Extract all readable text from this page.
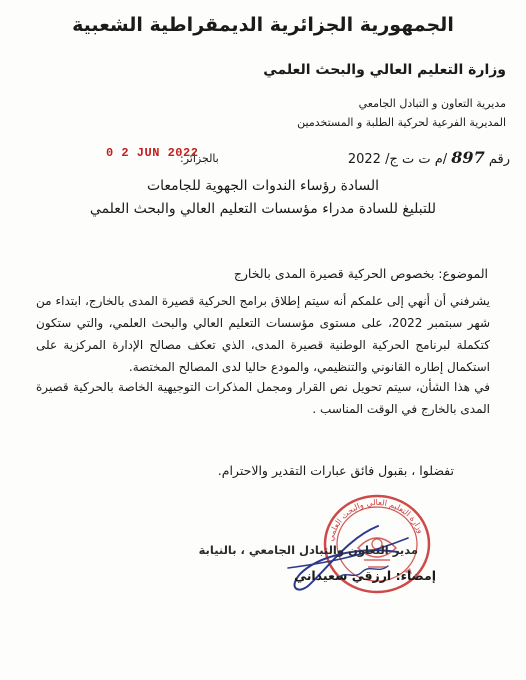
الجمهورية الجزائرية الديمقراطية الشعبية
وزارة التعليم العالي والبحث العلمي
مديرية التعاون و التبادل الجامعي
المديرية الفرعية لحركية الطلبة و المستخدمين
رقم 897 /م ت ت ج/ 2022
بالجزائر:
0 2 JUN 2022
السادة رؤساء الندوات الجهوية للجامعات
للتبليغ للسادة مدراء مؤسسات التعليم العالي والبحث العلمي
الموضوع: بخصوص الحركية قصيرة المدى بالخارج
يشرفني أن أنهي إلى علمكم أنه سيتم إطلاق برامج الحركية قصيرة المدى بالخارج، ابتداء من شهر سبتمبر 2022، على مستوى مؤسسات التعليم العالي والبحث العلمي، والتي ستكون كتكملة لبرنامج الحركية الوطنية قصيرة المدى، الذي تعكف مصالح الإدارة المركزية على استكمال إطاره القانوني والتنظيمي، والمودع حاليا لدى المصالح المختصة.
في هذا الشأن، سيتم تحويل نص القرار ومجمل المذكرات التوجيهية الخاصة بالحركية قصيرة المدى بالخارج في الوقت المناسب .
تفضلوا ، بقبول فائق عبارات التقدير والاحترام.
وزارة التعليم العالي والبحث العلمي
مدير التعاون والتبادل الجامعي ، بالنيابة
إمضاء: ارزقي سعيداني
